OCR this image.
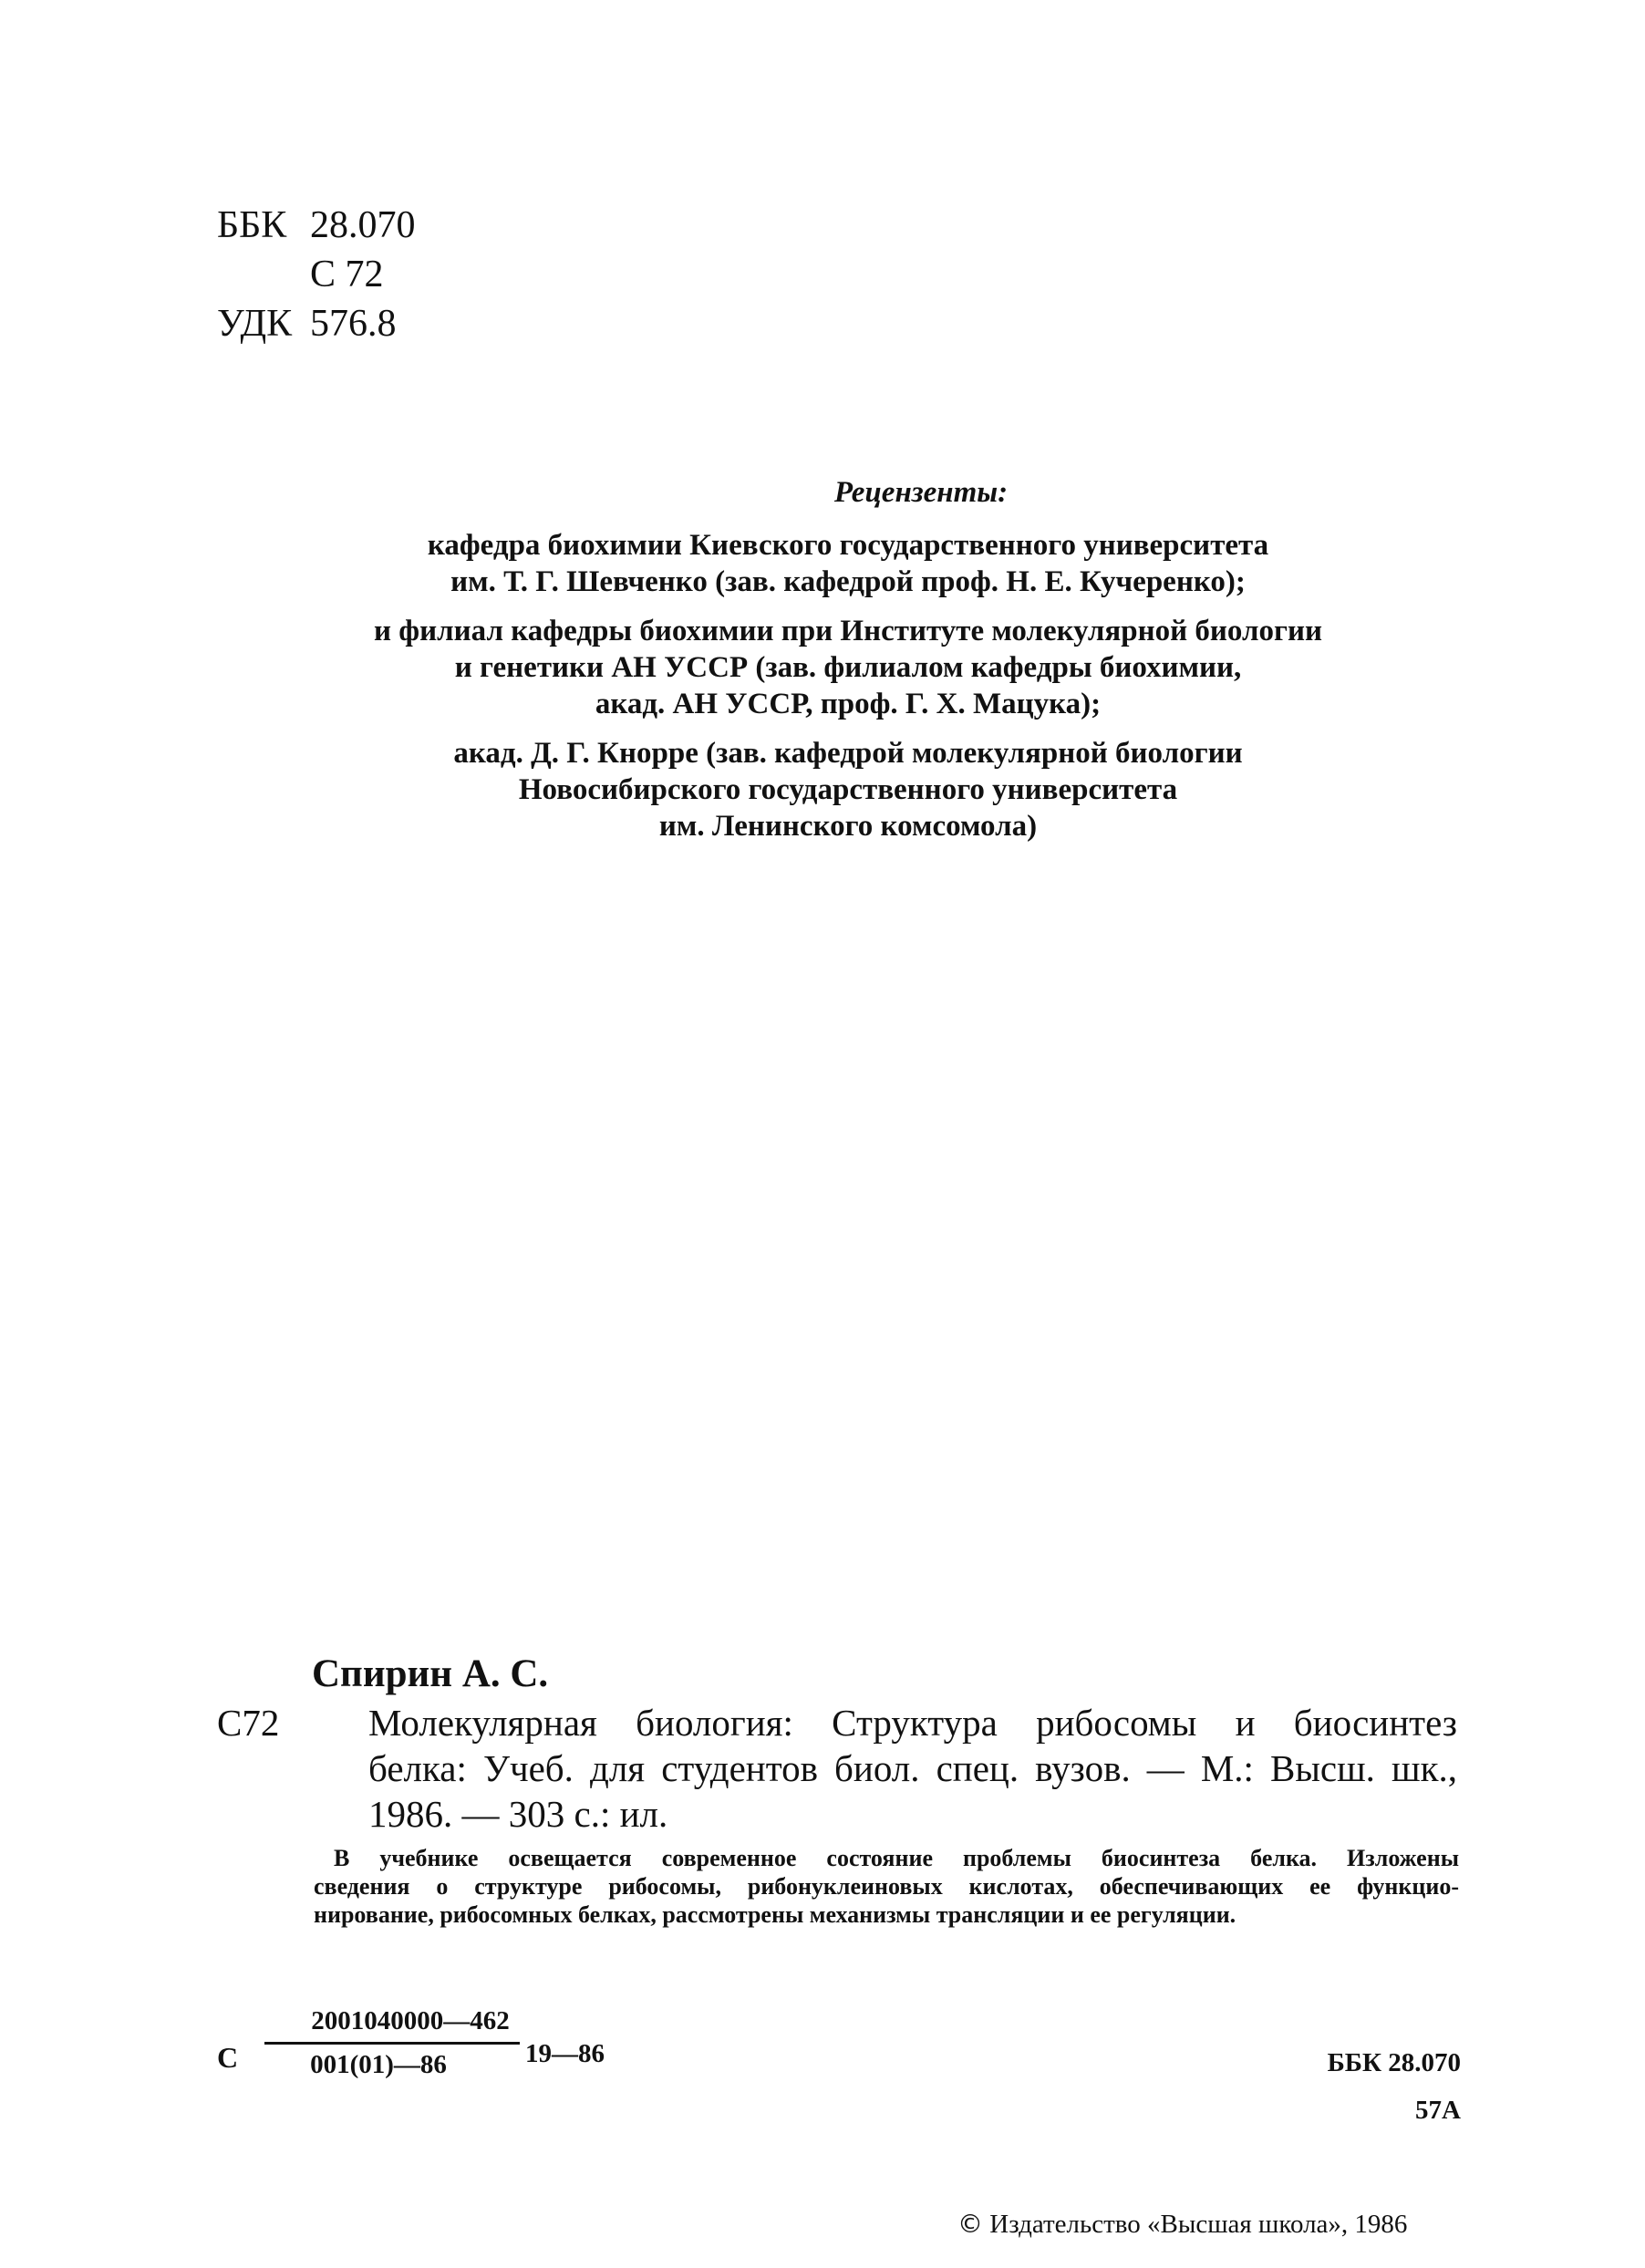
ББК 28.070
С 72
УДК 576.8
Рецензенты:
кафедра биохимии Киевского государственного университета
им. Т. Г. Шевченко (зав. кафедрой проф. Н. Е. Кучеренко);
и филиал кафедры биохимии при Институте молекулярной биологии
и генетики АН УССР (зав. филиалом кафедры биохимии,
акад. АН УССР, проф. Г. Х. Мацука);
акад. Д. Г. Кнорре (зав. кафедрой молекулярной биологии
Новосибирского государственного университета
им. Ленинского комсомола)
Спирин А. С.
С72 Молекулярная биология: Структура рибосомы и биосинтез
белка: Учеб. для студентов биол. спец. вузов. — М.: Высш. шк.,
1986. — 303 с.: ил.
В учебнике освещается современное состояние проблемы биосинтеза белка. Изложены
сведения о структуре рибосомы, рибонуклеиновых кислотах, обеспечивающих ее функцио-
нирование, рибосомных белках, рассмотрены механизмы трансляции и ее регуляции.
С
2001040000—462
001(01)—86	19—86	ББК 28.070
57А
© Издательство «Высшая школа», 1986
